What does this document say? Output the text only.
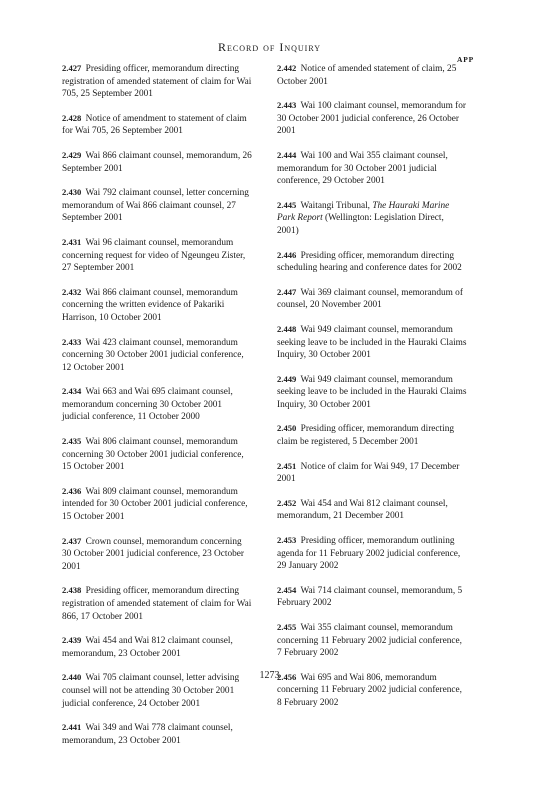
Record of Inquiry
APP

2.427 Presiding officer, memorandum directing registration of amended statement of claim for Wai 705, 25 September 2001

2.428 Notice of amendment to statement of claim for Wai 705, 26 September 2001

2.429 Wai 866 claimant counsel, memorandum, 26 September 2001

2.430 Wai 792 claimant counsel, letter concerning memorandum of Wai 866 claimant counsel, 27 September 2001

2.431 Wai 96 claimant counsel, memorandum concerning request for video of Ngeungeu Zister, 27 September 2001

2.432 Wai 866 claimant counsel, memorandum concerning the written evidence of Pakariki Harrison, 10 October 2001

2.433 Wai 423 claimant counsel, memorandum concerning 30 October 2001 judicial conference, 12 October 2001

2.434 Wai 663 and Wai 695 claimant counsel, memorandum concerning 30 October 2001 judicial conference, 11 October 2000

2.435 Wai 806 claimant counsel, memorandum concerning 30 October 2001 judicial conference, 15 October 2001

2.436 Wai 809 claimant counsel, memorandum intended for 30 October 2001 judicial conference, 15 October 2001

2.437 Crown counsel, memorandum concerning 30 October 2001 judicial conference, 23 October 2001

2.438 Presiding officer, memorandum directing registration of amended statement of claim for Wai 866, 17 October 2001

2.439 Wai 454 and Wai 812 claimant counsel, memorandum, 23 October 2001

2.440 Wai 705 claimant counsel, letter advising counsel will not be attending 30 October 2001 judicial conference, 24 October 2001

2.441 Wai 349 and Wai 778 claimant counsel, memorandum, 23 October 2001

2.442 Notice of amended statement of claim, 25 October 2001

2.443 Wai 100 claimant counsel, memorandum for 30 October 2001 judicial conference, 26 October 2001

2.444 Wai 100 and Wai 355 claimant counsel, memorandum for 30 October 2001 judicial conference, 29 October 2001

2.445 Waitangi Tribunal, The Hauraki Marine Park Report (Wellington: Legislation Direct, 2001)

2.446 Presiding officer, memorandum directing scheduling hearing and conference dates for 2002

2.447 Wai 369 claimant counsel, memorandum of counsel, 20 November 2001

2.448 Wai 949 claimant counsel, memorandum seeking leave to be included in the Hauraki Claims Inquiry, 30 October 2001

2.449 Wai 949 claimant counsel, memorandum seeking leave to be included in the Hauraki Claims Inquiry, 30 October 2001

2.450 Presiding officer, memorandum directing claim be registered, 5 December 2001

2.451 Notice of claim for Wai 949, 17 December 2001

2.452 Wai 454 and Wai 812 claimant counsel, memorandum, 21 December 2001

2.453 Presiding officer, memorandum outlining agenda for 11 February 2002 judicial conference, 29 January 2002

2.454 Wai 714 claimant counsel, memorandum, 5 February 2002

2.455 Wai 355 claimant counsel, memorandum concerning 11 February 2002 judicial conference, 7 February 2002

2.456 Wai 695 and Wai 806, memorandum concerning 11 February 2002 judicial conference, 8 February 2002

1273
